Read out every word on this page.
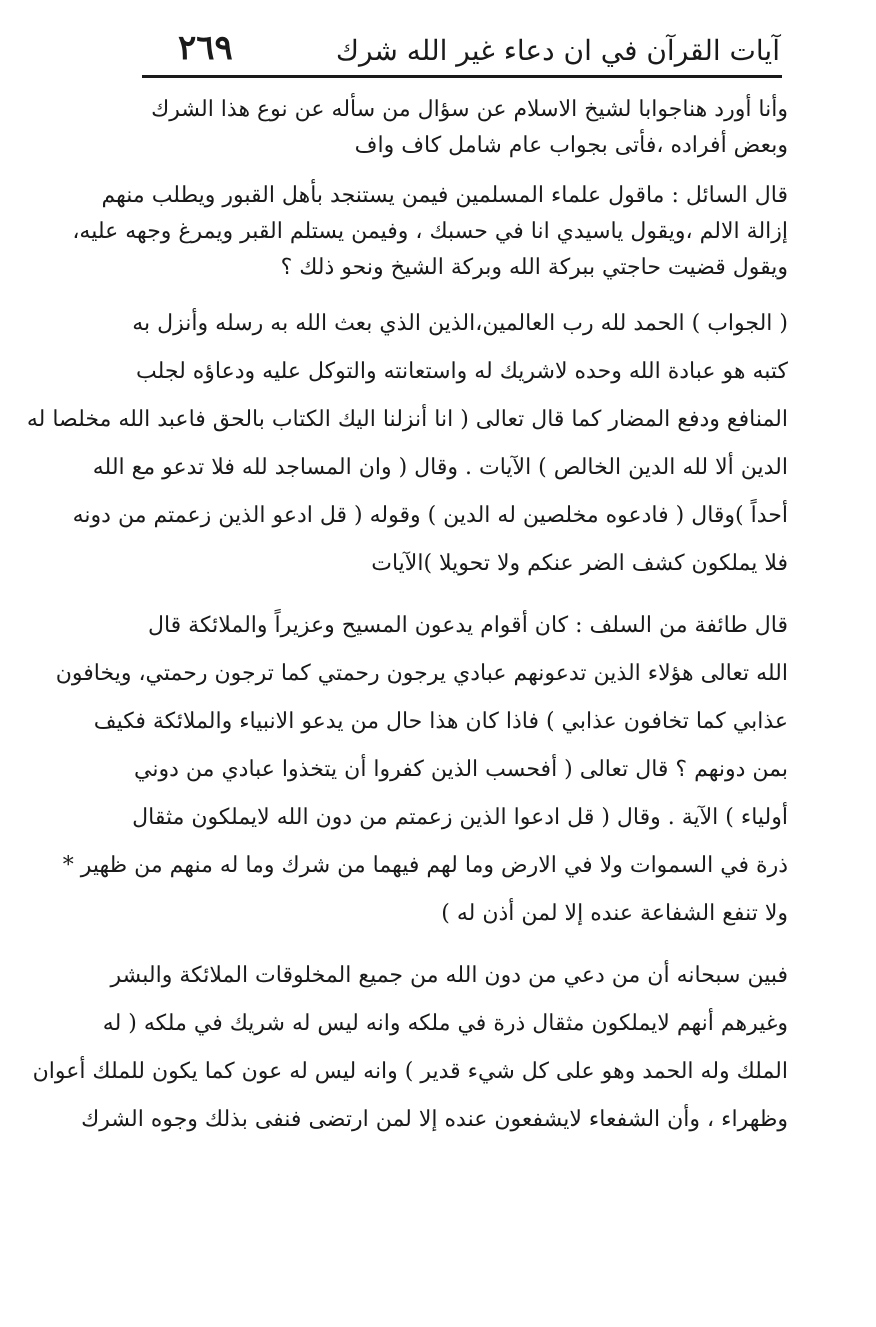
آيات القرآن في ان دعاء غير الله شرك
٢٦٩
وأنا أورد هناجوابا لشيخ الاسلام عن سؤال من سأله عن نوع هذا الشرك
وبعض أفراده ،فأتى بجواب عام شامل كاف واف
قال السائل : ماقول علماء المسلمين فيمن يستنجد بأهل القبور ويطلب منهم
إزالة الالم ،ويقول ياسيدي انا في حسبك ، وفيمن يستلم القبر ويمرغ وجهه عليه،
ويقول قضيت حاجتي ببركة الله وبركة الشيخ ونحو ذلك ؟
( الجواب ) الحمد لله رب العالمين،الذين الذي بعث الله به رسله وأنزل به
كتبه هو عبادة الله وحده لاشريك له واستعانته والتوكل عليه ودعاؤه لجلب
المنافع ودفع المضار كما قال تعالى ( انا أنزلنا اليك الكتاب بالحق فاعبد الله مخلصا له
الدين ألا لله الدين الخالص ) الآيات . وقال ( وان المساجد لله فلا تدعو مع الله
أحداً )وقال ( فادعوه مخلصين له الدين ) وقوله ( قل ادعو الذين زعمتم من دونه
فلا يملكون كشف الضر عنكم ولا تحويلا )الآيات
قال طائفة من السلف : كان أقوام يدعون المسيح وعزيراً والملائكة قال
الله تعالى هؤلاء الذين تدعونهم عبادي يرجون رحمتي كما ترجون رحمتي، ويخافون
عذابي كما تخافون عذابي ) فاذا كان هذا حال من يدعو الانبياء والملائكة فكيف
بمن دونهم ؟ قال تعالى ( أفحسب الذين كفروا أن يتخذوا عبادي من دوني
أولياء ) الآية . وقال ( قل ادعوا الذين زعمتم من دون الله لايملكون مثقال
ذرة في السموات ولا في الارض وما لهم فيهما من شرك وما له منهم من ظهير *
ولا تنفع الشفاعة عنده إلا لمن أذن له )
فبين سبحانه أن من دعي من دون الله من جميع المخلوقات الملائكة والبشر
وغيرهم أنهم لايملكون مثقال ذرة في ملكه وانه ليس له شريك في ملكه ( له
الملك وله الحمد وهو على كل شيء قدير ) وانه ليس له عون كما يكون للملك أعوان
وظهراء ، وأن الشفعاء لايشفعون عنده إلا لمن ارتضى فنفى بذلك وجوه الشرك
